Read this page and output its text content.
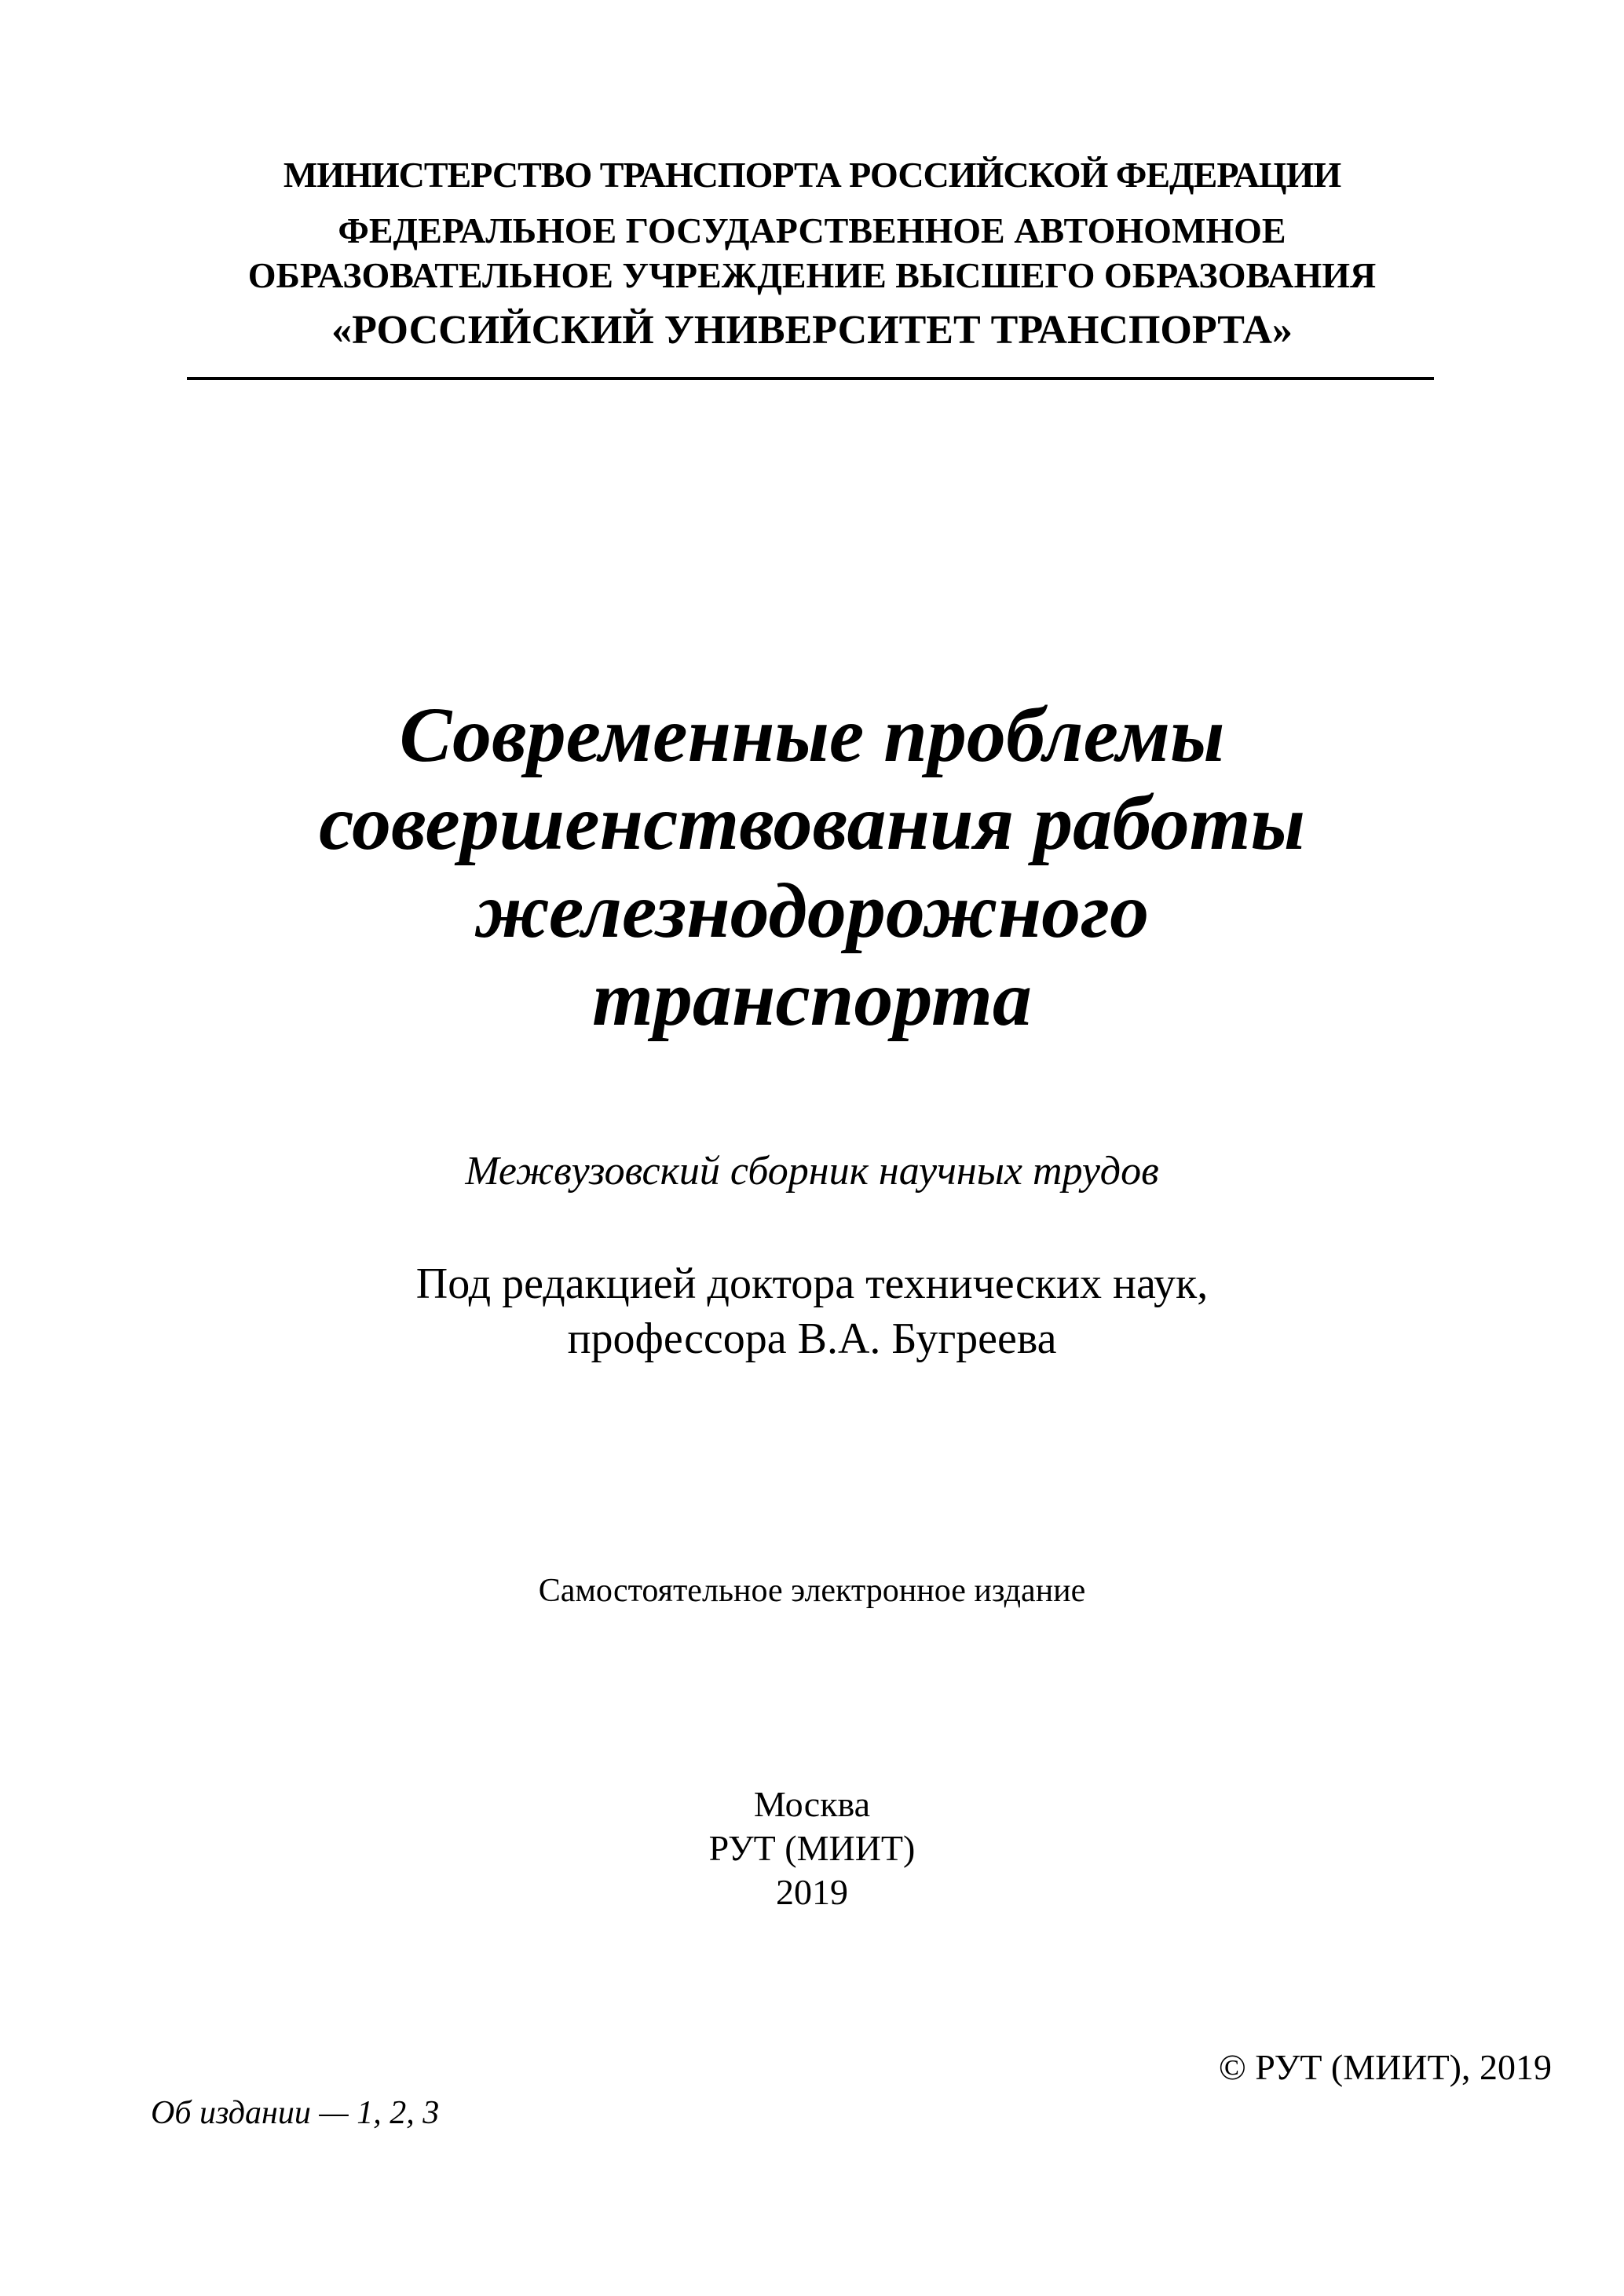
МИНИСТЕРСТВО ТРАНСПОРТА РОССИЙСКОЙ ФЕДЕРАЦИИ
ФЕДЕРАЛЬНОЕ ГОСУДАРСТВЕННОЕ АВТОНОМНОЕ
ОБРАЗОВАТЕЛЬНОЕ УЧРЕЖДЕНИЕ ВЫСШЕГО ОБРАЗОВАНИЯ
«РОССИЙСКИЙ УНИВЕРСИТЕТ ТРАНСПОРТА»
Современные проблемы
совершенствования работы
железнодорожного
транспорта
Межвузовский сборник научных трудов
Под редакцией доктора технических наук,
профессора В.А. Бугреева
Самостоятельное электронное издание
Москва
РУТ (МИИТ)
2019
© РУТ (МИИТ), 2019
Об издании — 1, 2, 3
